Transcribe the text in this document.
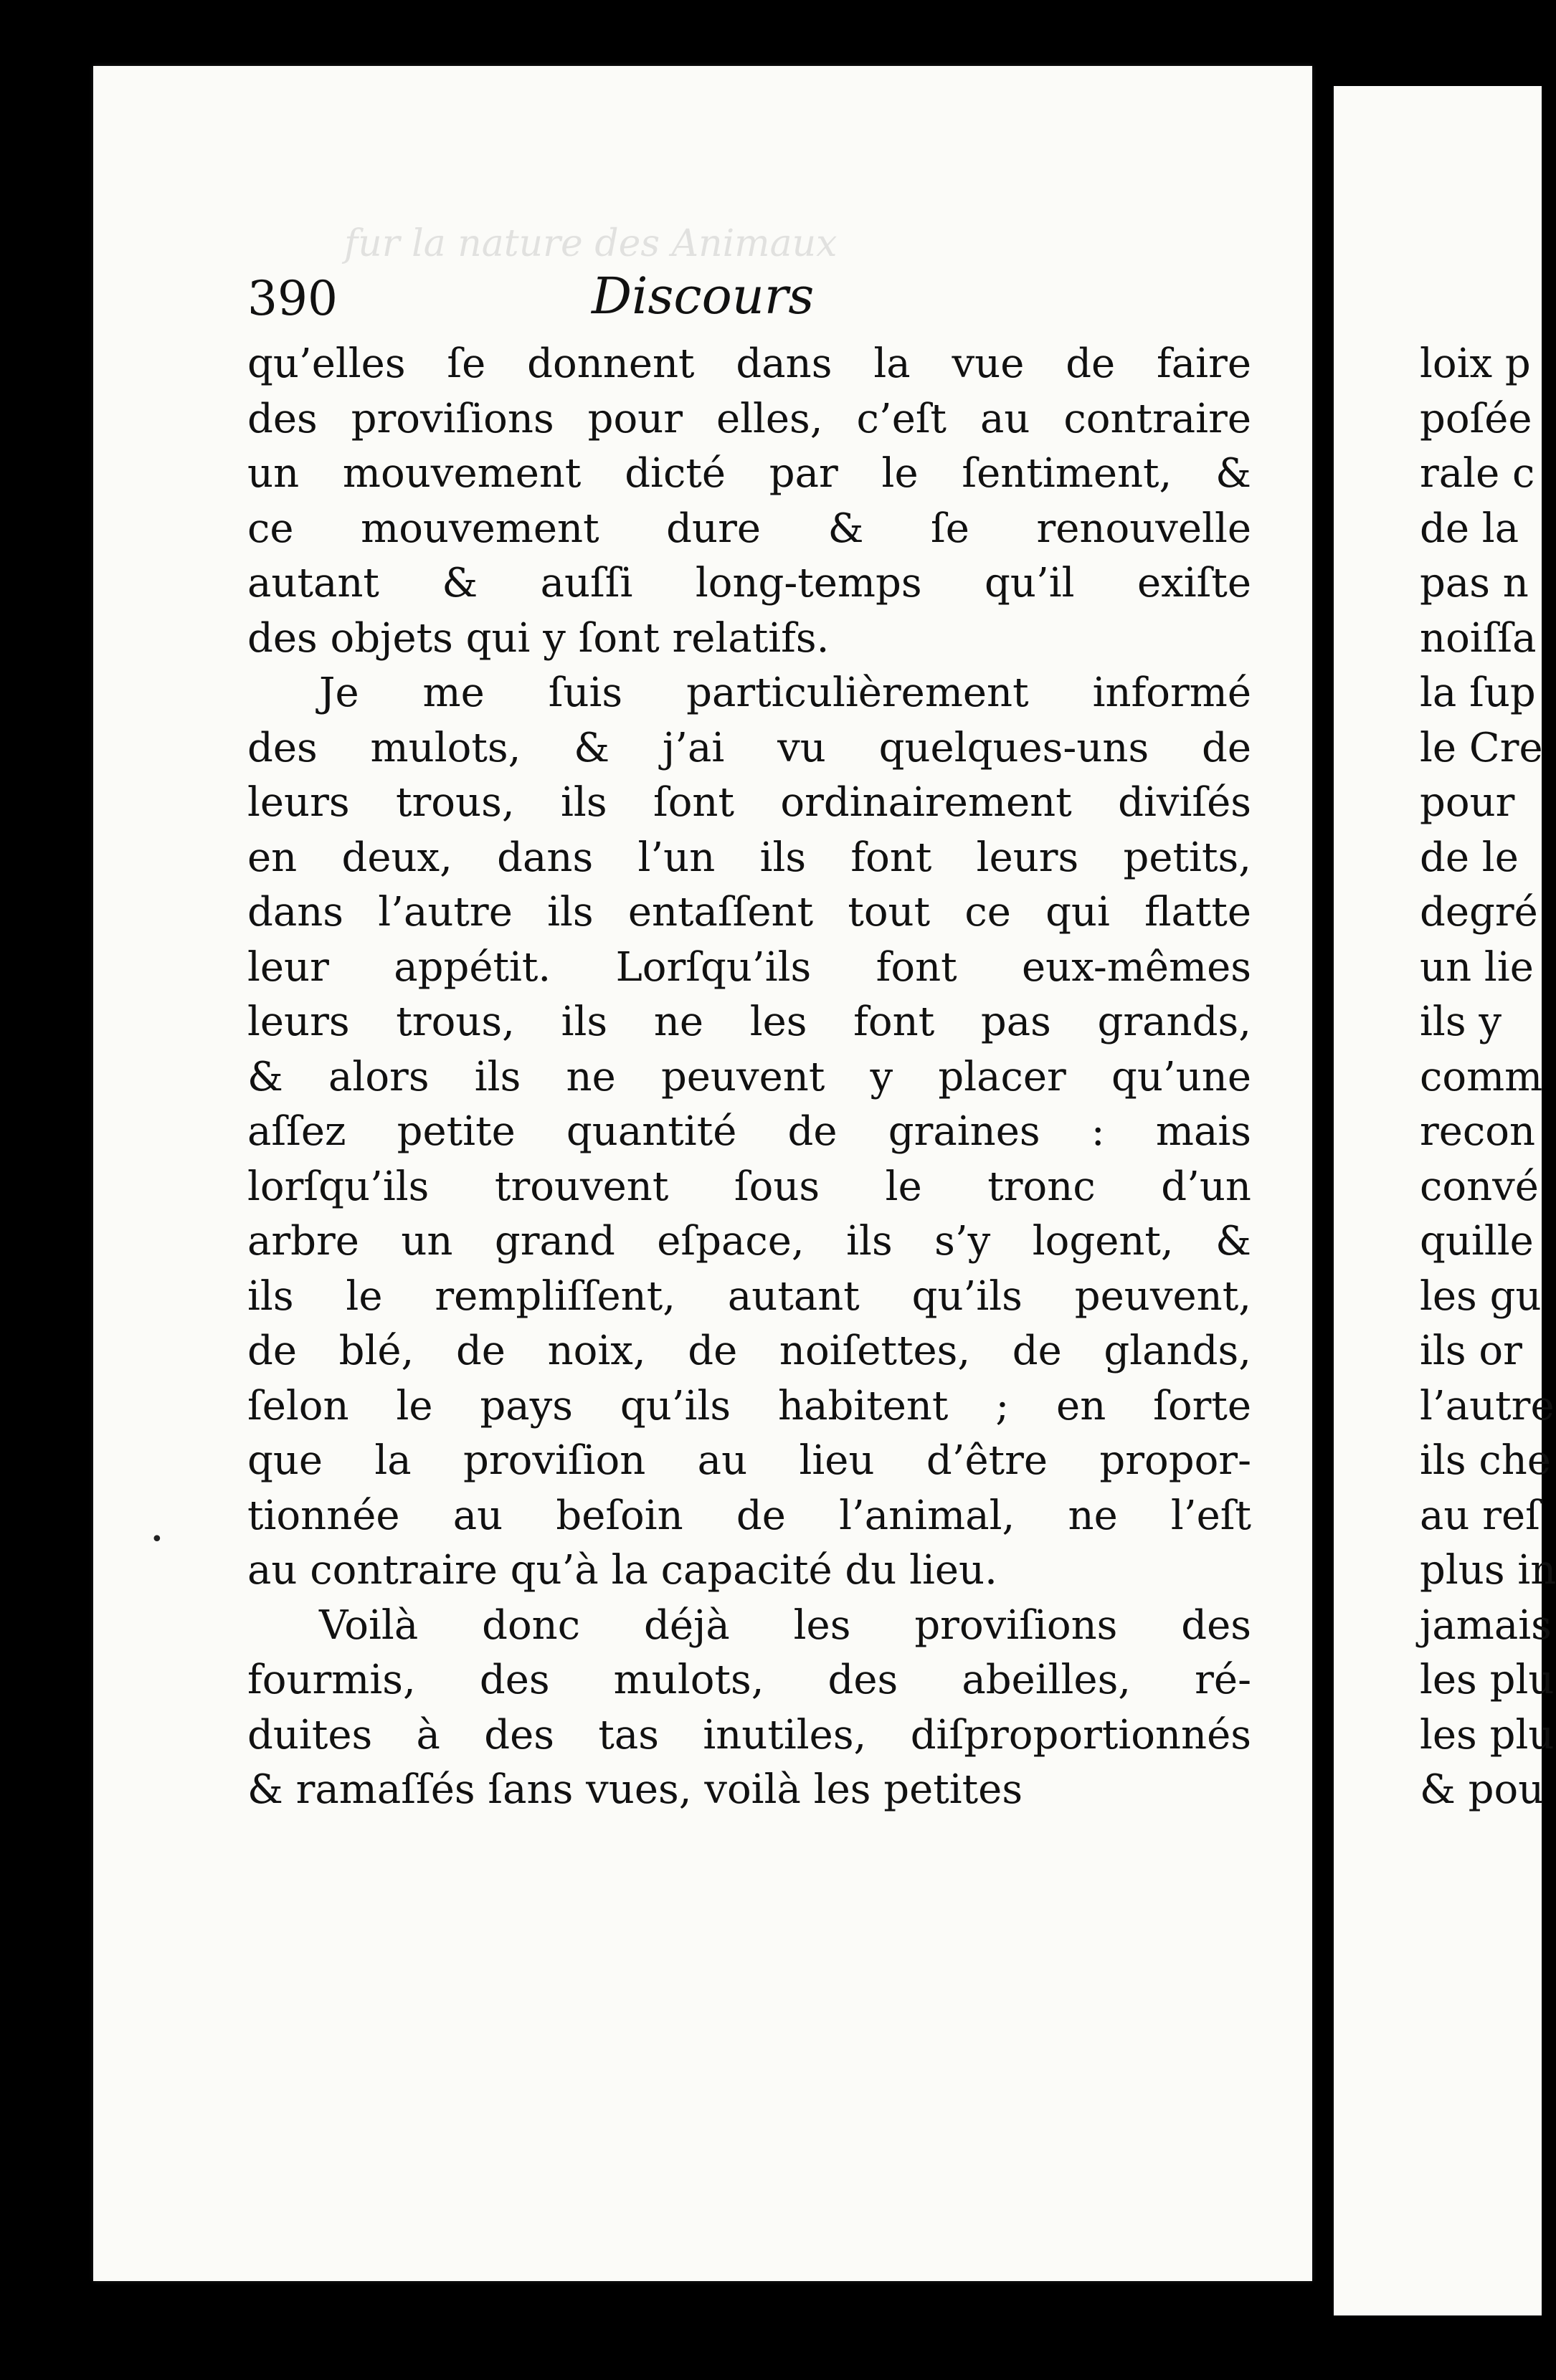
loix p
poſée
rale c
de la
pas n
noiſſa
la ſup
le Cre
pour
de le
degré
un lie
ils y
comm
recon
convé
quille
les gu
ils or
l’autre
ils che
au reſ
plus in
jamais
les plu
les plu
& pou
fur la nature des Animaux
390	Discours
qu’elles ſe donnent dans la vue de faire
des proviſions pour elles, c’eſt au contraire
un mouvement dicté par le ſentiment, &
ce mouvement dure & ſe renouvelle
autant & auſſi long-temps qu’il exiſte
des objets qui y ſont relatifs.
Je me ſuis particulièrement informé
des mulots, & j’ai vu quelques-uns de
leurs trous, ils ſont ordinairement diviſés
en deux, dans l’un ils font leurs petits,
dans l’autre ils entaſſent tout ce qui flatte
leur appétit. Lorſqu’ils font eux-mêmes
leurs trous, ils ne les font pas grands,
& alors ils ne peuvent y placer qu’une
aſſez petite quantité de graines : mais
lorſqu’ils trouvent ſous le tronc d’un
arbre un grand eſpace, ils s’y logent, &
ils le rempliſſent, autant qu’ils peuvent,
de blé, de noix, de noiſettes, de glands,
ſelon le pays qu’ils habitent ; en ſorte
que la proviſion au lieu d’être propor-
tionnée au beſoin de l’animal, ne l’eſt
au contraire qu’à la capacité du lieu.
Voilà donc déjà les proviſions des
fourmis, des mulots, des abeilles, ré-
duites à des tas inutiles, diſproportionnés
& ramaſſés ſans vues, voilà les petites
•
